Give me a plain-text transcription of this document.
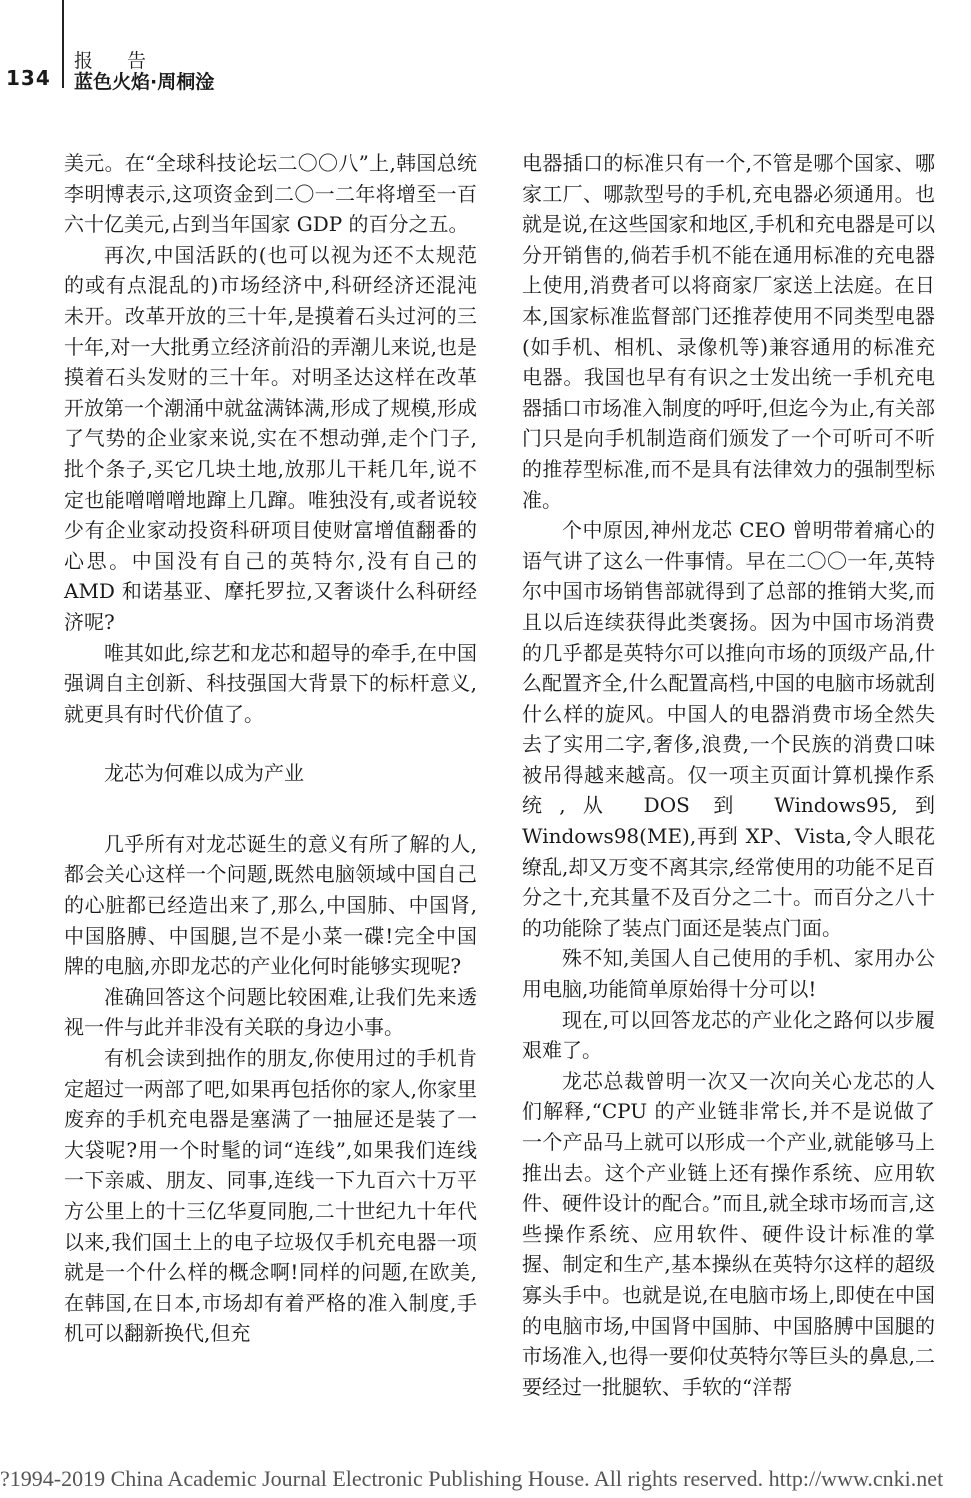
报 告
134 蓝色火焰·周桐淦

美元。在“全球科技论坛二〇〇八”上,韩国总统李明博表示,这项资金到二〇一二年将增至一百六十亿美元,占到当年国家 GDP 的百分之五。

再次,中国活跃的(也可以视为还不太规范的或有点混乱的)市场经济中,科研经济还混沌未开。改革开放的三十年,是摸着石头过河的三十年,对一大批勇立经济前沿的弄潮儿来说,也是摸着石头发财的三十年。对明圣达这样在改革开放第一个潮涌中就盆满钵满,形成了规模,形成了气势的企业家来说,实在不想动弹,走个门子,批个条子,买它几块土地,放那儿干耗几年,说不定也能噌噌噌地蹿上几蹿。唯独没有,或者说较少有企业家动投资科研项目使财富增值翻番的心思。中国没有自己的英特尔,没有自己的 AMD 和诺基亚、摩托罗拉,又奢谈什么科研经济呢?

唯其如此,综艺和龙芯和超导的牵手,在中国强调自主创新、科技强国大背景下的标杆意义,就更具有时代价值了。

龙芯为何难以成为产业

几乎所有对龙芯诞生的意义有所了解的人,都会关心这样一个问题,既然电脑领域中国自己的心脏都已经造出来了,那么,中国肺、中国肾,中国胳膊、中国腿,岂不是小菜一碟!完全中国牌的电脑,亦即龙芯的产业化何时能够实现呢?

准确回答这个问题比较困难,让我们先来透视一件与此并非没有关联的身边小事。

有机会读到拙作的朋友,你使用过的手机肯定超过一两部了吧,如果再包括你的家人,你家里废弃的手机充电器是塞满了一抽屉还是装了一大袋呢?用一个时髦的词“连线”,如果我们连线一下亲戚、朋友、同事,连线一下九百六十万平方公里上的十三亿华夏同胞,二十世纪九十年代以来,我们国土上的电子垃圾仅手机充电器一项就是一个什么样的概念啊!同样的问题,在欧美,在韩国,在日本,市场却有着严格的准入制度,手机可以翻新换代,但充

电器插口的标准只有一个,不管是哪个国家、哪家工厂、哪款型号的手机,充电器必须通用。也就是说,在这些国家和地区,手机和充电器是可以分开销售的,倘若手机不能在通用标准的充电器上使用,消费者可以将商家厂家送上法庭。在日本,国家标准监督部门还推荐使用不同类型电器(如手机、相机、录像机等)兼容通用的标准充电器。我国也早有有识之士发出统一手机充电器插口市场准入制度的呼吁,但迄今为止,有关部门只是向手机制造商们颁发了一个可听可不听的推荐型标准,而不是具有法律效力的强制型标准。

个中原因,神州龙芯 CEO 曾明带着痛心的语气讲了这么一件事情。早在二〇〇一年,英特尔中国市场销售部就得到了总部的推销大奖,而且以后连续获得此类褒扬。因为中国市场消费的几乎都是英特尔可以推向市场的顶级产品,什么配置齐全,什么配置高档,中国的电脑市场就刮什么样的旋风。中国人的电器消费市场全然失去了实用二字,奢侈,浪费,一个民族的消费口味被吊得越来越高。仅一项主页面计算机操作系统,从 DOS 到 Windows95,到 Windows98(ME),再到 XP、Vista,令人眼花缭乱,却又万变不离其宗,经常使用的功能不足百分之十,充其量不及百分之二十。而百分之八十的功能除了装点门面还是装点门面。

殊不知,美国人自己使用的手机、家用办公用电脑,功能简单原始得十分可以!

现在,可以回答龙芯的产业化之路何以步履艰难了。

龙芯总裁曾明一次又一次向关心龙芯的人们解释,“CPU 的产业链非常长,并不是说做了一个产品马上就可以形成一个产业,就能够马上推出去。这个产业链上还有操作系统、应用软件、硬件设计的配合。”而且,就全球市场而言,这些操作系统、应用软件、硬件设计标准的掌握、制定和生产,基本操纵在英特尔这样的超级寡头手中。也就是说,在电脑市场上,即使在中国的电脑市场,中国肾中国肺、中国胳膊中国腿的市场准入,也得一要仰仗英特尔等巨头的鼻息,二要经过一批腿软、手软的“洋帮

?1994-2019 China Academic Journal Electronic Publishing House. All rights reserved. http://www.cnki.net
